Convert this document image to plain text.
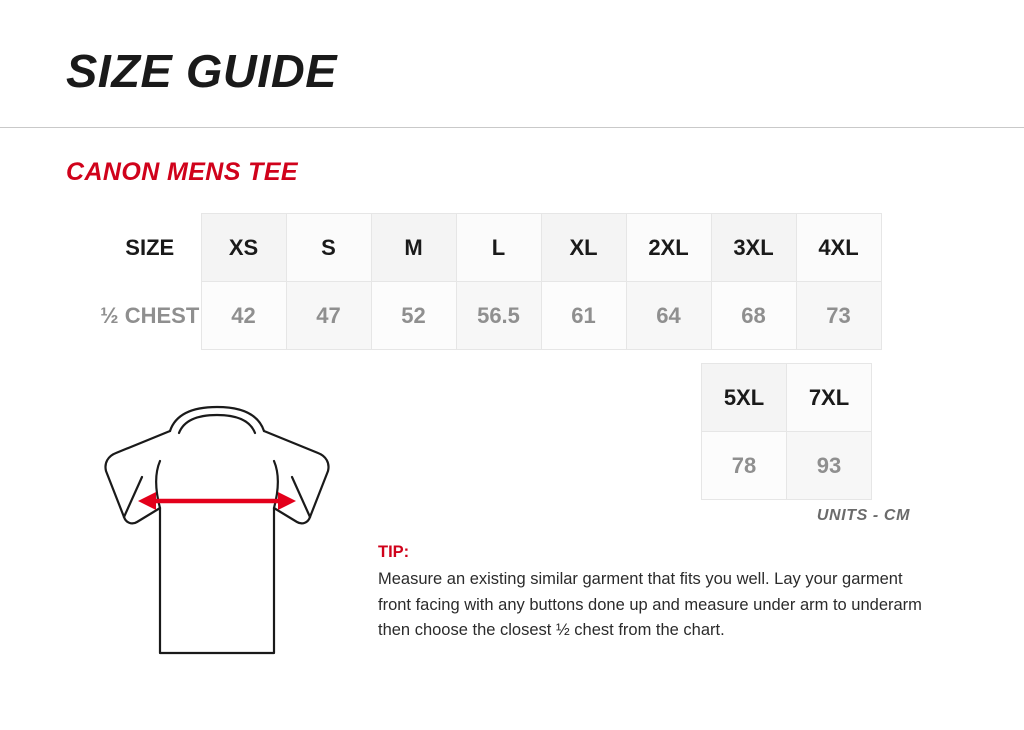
SIZE GUIDE
CANON MENS TEE
SIZE	XS	S	M	L	XL	2XL	3XL	4XL
½ CHEST	42	47	52	56.5	61	64	68	73
5XL	7XL
78	93
UNITS - CM
TIP:
Measure an existing similar garment that fits you well. Lay your garment front facing with any buttons done up and measure under arm to underarm then choose the closest ½ chest from the chart.
